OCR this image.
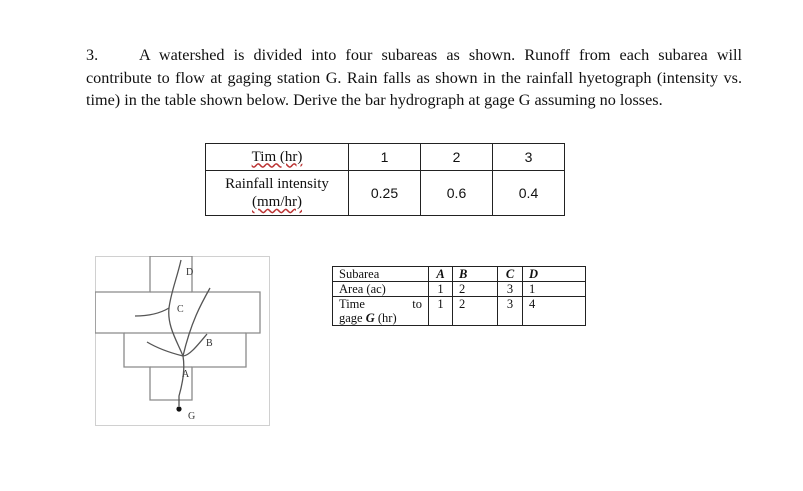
3.	A watershed is divided into four subareas as shown. Runoff from each subarea will contribute to flow at gaging station G. Rain falls as shown in the rainfall hyetograph (intensity vs. time) in the table shown below. Derive the bar hydrograph at gage G assuming no losses.
Tim (hr)	1	2	3
Rainfall intensity
(mm/hr)	0.25	0.6	0.4
Subarea	A	B	C	D
Area (ac)	1	2	3	1

Time to
gage G (hr)	1	2	3	4
D
C
B
A
G
